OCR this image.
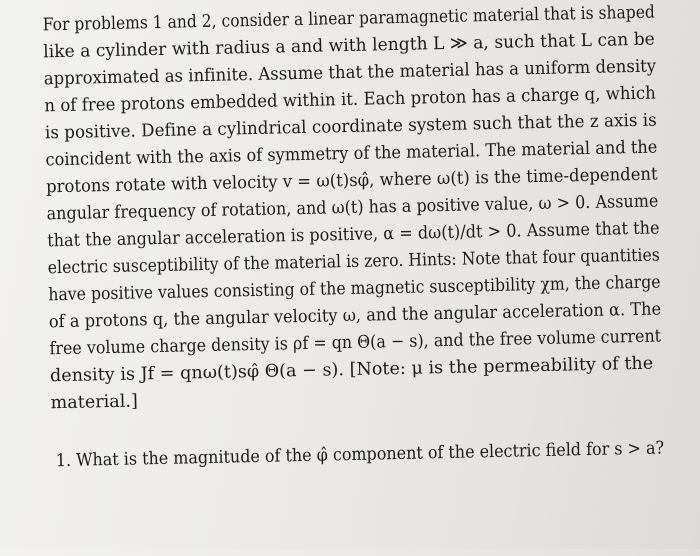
For problems 1 and 2, consider a linear paramagnetic material that is shaped
like a cylinder with radius a and with length L ≫ a, such that L can be
approximated as infinite. Assume that the material has a uniform density
n of free protons embedded within it. Each proton has a charge q, which
is positive. Define a cylindrical coordinate system such that the z axis is
coincident with the axis of symmetry of the material. The material and the
protons rotate with velocity v = ω(t)sφ̂, where ω(t) is the time-dependent
angular frequency of rotation, and ω(t) has a positive value, ω > 0. Assume
that the angular acceleration is positive, α = dω(t)/dt > 0. Assume that the
electric susceptibility of the material is zero. Hints: Note that four quantities
have positive values consisting of the magnetic susceptibility χm, the charge
of a protons q, the angular velocity ω, and the angular acceleration α. The
free volume charge density is ρf = qn Θ(a − s), and the free volume current
density is Jf = qnω(t)sφ̂ Θ(a − s). [Note: μ is the permeability of the
material.]
1. What is the magnitude of the φ̂ component of the electric field for s > a?
